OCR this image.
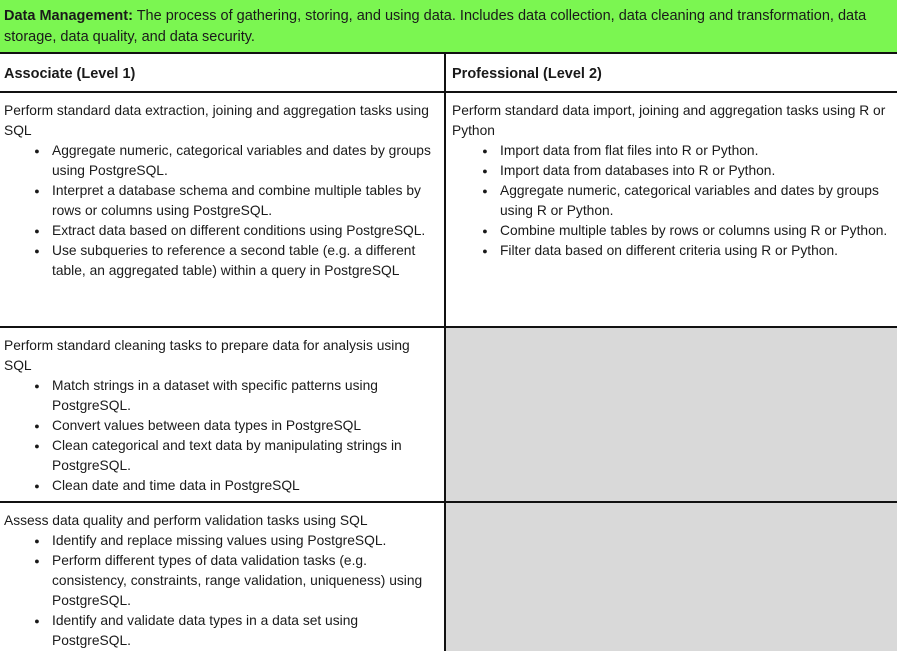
Data Management: The process of gathering, storing, and using data. Includes data collection, data cleaning and transformation, data storage, data quality, and data security.
Associate (Level 1)	Professional (Level 2)
Perform standard data extraction, joining and aggregation tasks using SQL
● Aggregate numeric, categorical variables and dates by groups using PostgreSQL.
● Interpret a database schema and combine multiple tables by rows or columns using PostgreSQL.
● Extract data based on different conditions using PostgreSQL.
● Use subqueries to reference a second table (e.g. a different table, an aggregated table) within a query in PostgreSQL
Perform standard data import, joining and aggregation tasks using R or Python
● Import data from flat files into R or Python.
● Import data from databases into R or Python.
● Aggregate numeric, categorical variables and dates by groups using R or Python.
● Combine multiple tables by rows or columns using R or Python.
● Filter data based on different criteria using R or Python.
Perform standard cleaning tasks to prepare data for analysis using SQL
● Match strings in a dataset with specific patterns using PostgreSQL.
● Convert values between data types in PostgreSQL
● Clean categorical and text data by manipulating strings in PostgreSQL.
● Clean date and time data in PostgreSQL
Assess data quality and perform validation tasks using SQL
● Identify and replace missing values using PostgreSQL.
● Perform different types of data validation tasks (e.g. consistency, constraints, range validation, uniqueness) using PostgreSQL.
● Identify and validate data types in a data set using PostgreSQL.
